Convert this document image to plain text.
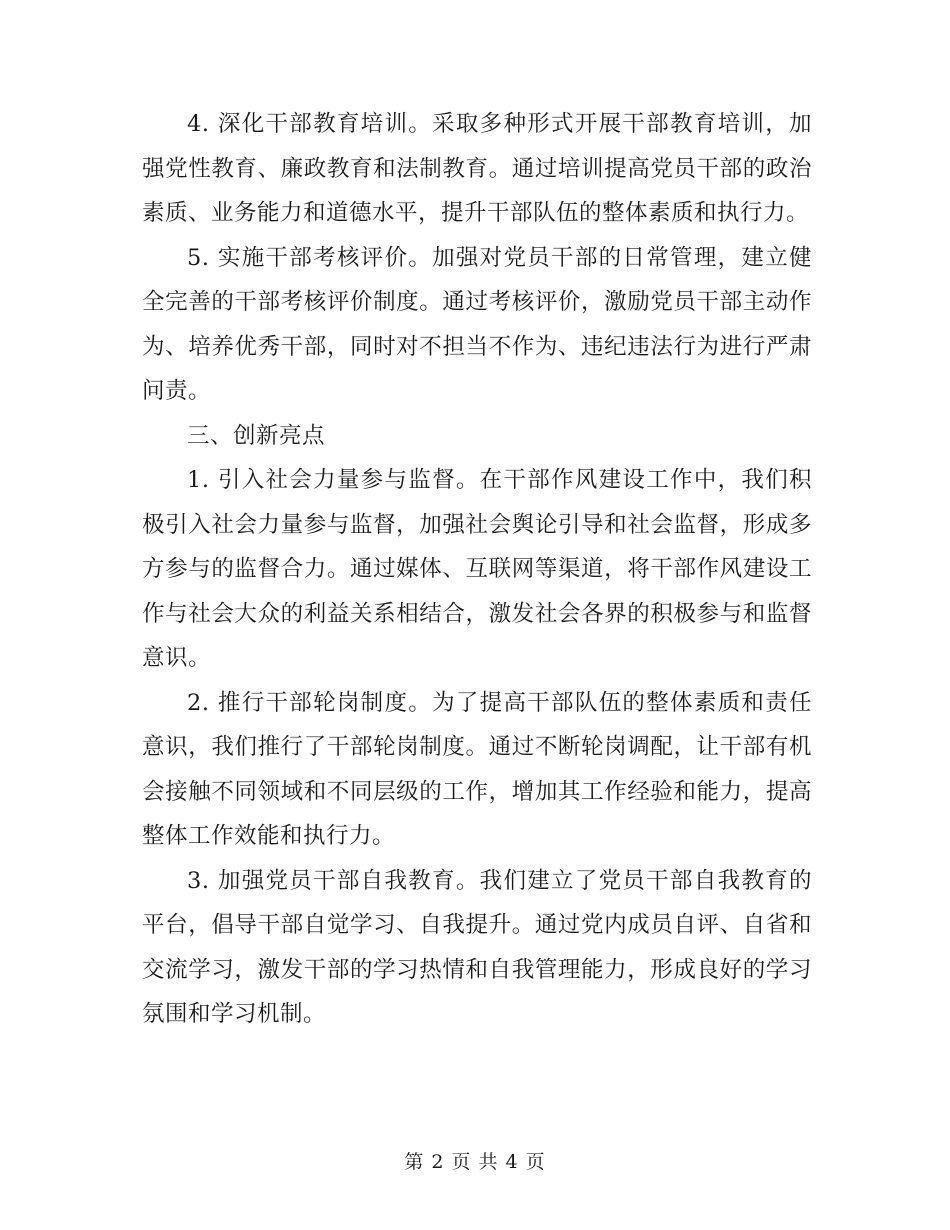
4. 深化干部教育培训。采取多种形式开展干部教育培训，加强党性教育、廉政教育和法制教育。通过培训提高党员干部的政治素质、业务能力和道德水平，提升干部队伍的整体素质和执行力。

5. 实施干部考核评价。加强对党员干部的日常管理，建立健全完善的干部考核评价制度。通过考核评价，激励党员干部主动作为、培养优秀干部，同时对不担当不作为、违纪违法行为进行严肃问责。

三、创新亮点

1. 引入社会力量参与监督。在干部作风建设工作中，我们积极引入社会力量参与监督，加强社会舆论引导和社会监督，形成多方参与的监督合力。通过媒体、互联网等渠道，将干部作风建设工作与社会大众的利益关系相结合，激发社会各界的积极参与和监督意识。

2. 推行干部轮岗制度。为了提高干部队伍的整体素质和责任意识，我们推行了干部轮岗制度。通过不断轮岗调配，让干部有机会接触不同领域和不同层级的工作，增加其工作经验和能力，提高整体工作效能和执行力。

3. 加强党员干部自我教育。我们建立了党员干部自我教育的平台，倡导干部自觉学习、自我提升。通过党内成员自评、自省和交流学习，激发干部的学习热情和自我管理能力，形成良好的学习氛围和学习机制。

第 2 页 共 4 页
